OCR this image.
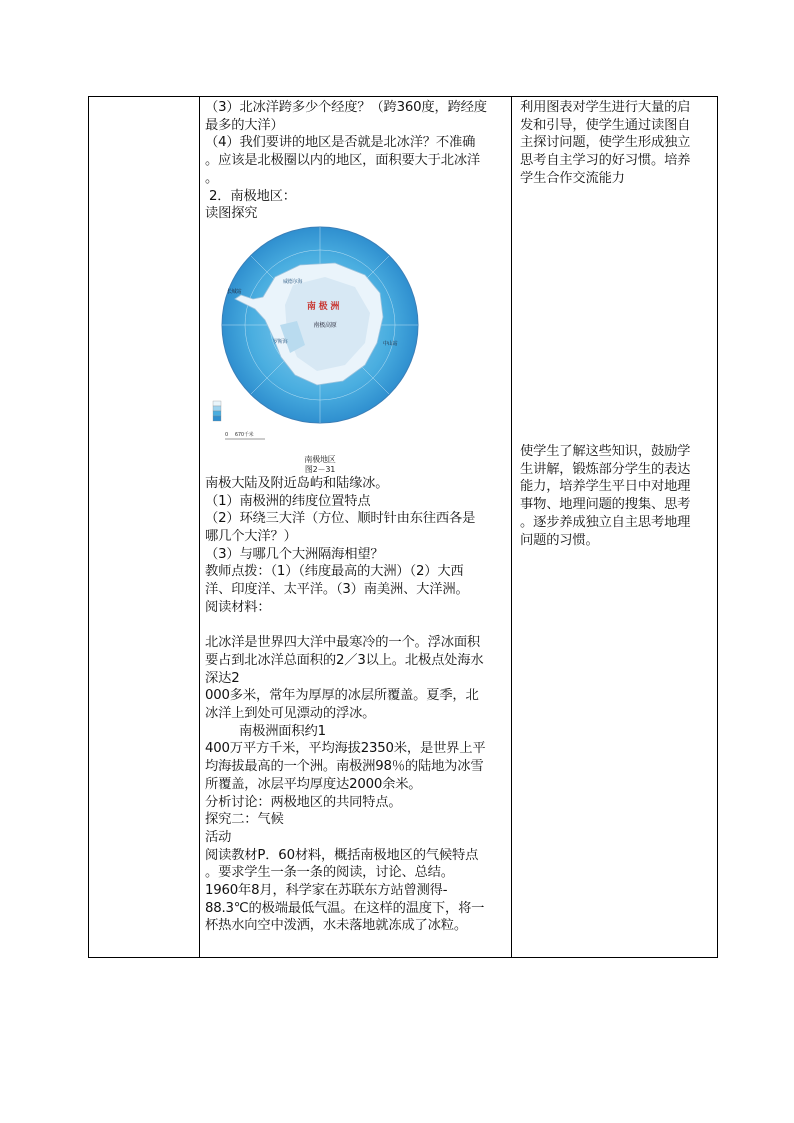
（3）北冰洋跨多少个经度？（跨360度，跨经度

最多的大洋）

（4）我们要讲的地区是否就是北冰洋？不准确

。应该是北极圈以内的地区，面积要大于北冰洋

。

2．南极地区：

读图探究

南 极 洲
南极高原
长城站
中山站
罗斯海
威德尔海
0     670千米
南极地区
图2－31

南极大陆及附近岛屿和陆缘冰。

（1）南极洲的纬度位置特点

（2）环绕三大洋（方位、顺时针由东往西各是

哪几个大洋？）

（3）与哪几个大洲隔海相望？

教师点拨：（1）（纬度最高的大洲）（2）大西

洋、印度洋、太平洋。（3）南美洲、大洋洲。

阅读材料：

北冰洋是世界四大洋中最寒冷的一个。浮冰面积

要占到北冰洋总面积的2／3以上。北极点处海水

深达2

000多米，常年为厚厚的冰层所覆盖。夏季，北

冰洋上到处可见漂动的浮冰。

南极洲面积约1

400万平方千米，平均海拔2350米，是世界上平

均海拔最高的一个洲。南极洲98％的陆地为冰雪

所覆盖，冰层平均厚度达2000余米。

分析讨论：两极地区的共同特点。

探究二：气候

活动

阅读教材P．60材料，概括南极地区的气候特点

。要求学生一条一条的阅读，讨论、总结。

1960年8月，科学家在苏联东方站曾测得-

88.3℃的极端最低气温。在这样的温度下，将一

杯热水向空中泼洒，水未落地就冻成了冰粒。

利用图表对学生进行大量的启

发和引导，使学生通过读图自

主探讨问题，使学生形成独立

思考自主学习的好习惯。培养

学生合作交流能力

使学生了解这些知识，鼓励学

生讲解，锻炼部分学生的表达

能力，培养学生平日中对地理

事物、地理问题的搜集、思考

。逐步养成独立自主思考地理

问题的习惯。
